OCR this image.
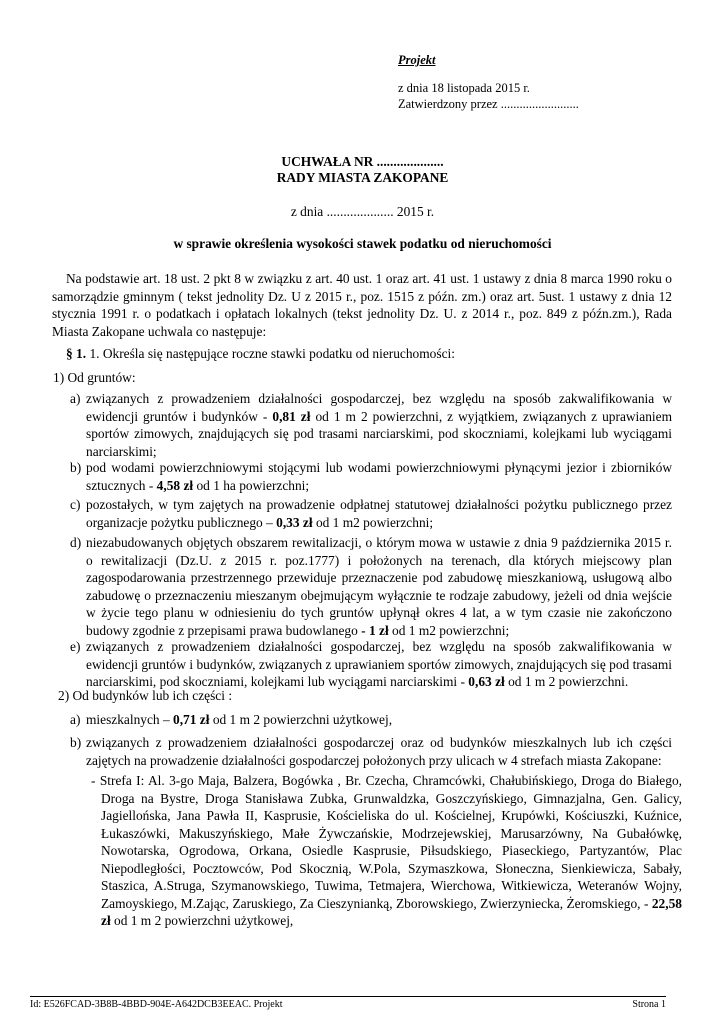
Projekt
z dnia 18 listopada 2015 r.
Zatwierdzony przez .........................
UCHWAŁA NR ....................
RADY MIASTA ZAKOPANE
z dnia .................... 2015 r.
w sprawie określenia wysokości stawek podatku od nieruchomości
Na podstawie art. 18 ust. 2 pkt 8 w związku z art. 40 ust. 1 oraz art. 41 ust. 1 ustawy z dnia 8 marca 1990 roku o samorządzie gminnym ( tekst jednolity Dz. U z 2015 r., poz. 1515 z późn. zm.) oraz art. 5ust. 1 ustawy z dnia 12 stycznia 1991 r. o podatkach i opłatach lokalnych (tekst jednolity Dz. U. z 2014 r., poz. 849 z późn.zm.), Rada Miasta Zakopane uchwala co następuje:
§ 1. 1. Określa się następujące roczne stawki podatku od nieruchomości:
1) Od gruntów:
a) związanych z prowadzeniem działalności gospodarczej, bez względu na sposób zakwalifikowania w ewidencji gruntów i budynków - 0,81 zł od 1 m 2 powierzchni, z wyjątkiem, związanych z uprawianiem sportów zimowych, znajdujących się pod trasami narciarskimi, pod skoczniami, kolejkami lub wyciągami narciarskimi;
b) pod wodami powierzchniowymi stojącymi lub wodami powierzchniowymi płynącymi jezior i zbiorników sztucznych - 4,58 zł od 1 ha powierzchni;
c) pozostałych, w tym zajętych na prowadzenie odpłatnej statutowej działalności pożytku publicznego przez organizacje pożytku publicznego – 0,33 zł od 1 m2 powierzchni;
d) niezabudowanych objętych obszarem rewitalizacji, o którym mowa w ustawie z dnia 9 października 2015 r. o rewitalizacji (Dz.U. z 2015 r. poz.1777) i położonych na terenach, dla których miejscowy plan zagospodarowania przestrzennego przewiduje przeznaczenie pod zabudowę mieszkaniową, usługową albo zabudowę o przeznaczeniu mieszanym obejmującym wyłącznie te rodzaje zabudowy, jeżeli od dnia wejście w życie tego planu w odniesieniu do tych gruntów upłynął okres 4 lat, a w tym czasie nie zakończono budowy zgodnie z przepisami prawa budowlanego - 1 zł od 1 m2 powierzchni;
e) związanych z prowadzeniem działalności gospodarczej, bez względu na sposób zakwalifikowania w ewidencji gruntów i budynków, związanych z uprawianiem sportów zimowych, znajdujących się pod trasami narciarskimi, pod skoczniami, kolejkami lub wyciągami narciarskimi - 0,63 zł od 1 m 2 powierzchni.
2) Od budynków lub ich części :
a) mieszkalnych – 0,71 zł od 1 m 2 powierzchni użytkowej,
b) związanych z prowadzeniem działalności gospodarczej oraz od budynków mieszkalnych lub ich części zajętych na prowadzenie działalności gospodarczej położonych przy ulicach w 4 strefach miasta Zakopane:
- Strefa I: Al. 3-go Maja, Balzera, Bogówka , Br. Czecha, Chramcówki, Chałubińskiego, Droga do Białego, Droga na Bystre, Droga Stanisława Zubka, Grunwaldzka, Goszczyńskiego, Gimnazjalna, Gen. Galicy, Jagiellońska, Jana Pawła II, Kasprusie, Kościeliska do ul. Kościelnej, Krupówki, Kościuszki, Kuźnice, Łukaszówki, Makuszyńskiego, Małe Żywczańskie, Modrzejewskiej, Marusarzówny, Na Gubałówkę, Nowotarska, Ogrodowa, Orkana, Osiedle Kasprusie, Piłsudskiego, Piaseckiego, Partyzantów, Plac Niepodległości, Pocztowców, Pod Skocznią, W.Pola, Szymaszkowa, Słoneczna, Sienkiewicza, Sabały, Staszica, A.Struga, Szymanowskiego, Tuwima, Tetmajera, Wierchowa, Witkiewicza, Weteranów Wojny, Zamoyskiego, M.Zając, Zaruskiego, Za Cieszynianką, Zborowskiego, Zwierzyniecka, Żeromskiego, - 22,58 zł od 1 m 2 powierzchni użytkowej,
Id: E526FCAD-3B8B-4BBD-904E-A642DCB3EEAC. Projekt	Strona 1
